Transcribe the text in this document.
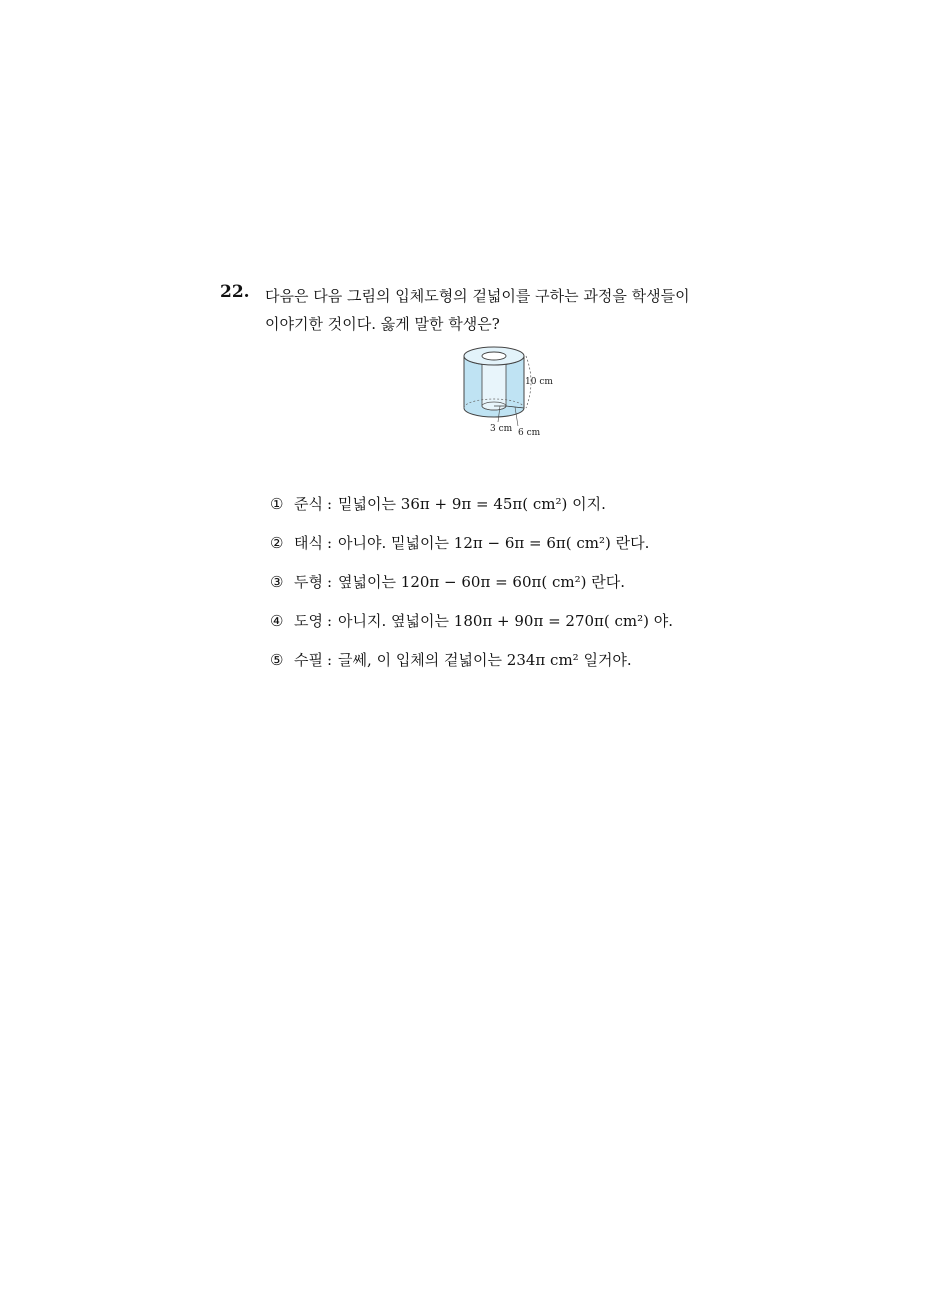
22. 다음은 다음 그림의 입체도형의 겉넓이를 구하는 과정을 학생들이
이야기한 것이다. 옳게 말한 학생은?
10 cm
3 cm 6 cm
① 준식 : 밑넓이는 36π + 9π = 45π( cm²) 이지.
② 태식 : 아니야. 밑넓이는 12π − 6π = 6π( cm²) 란다.
③ 두형 : 옆넓이는 120π − 60π = 60π( cm²) 란다.
④ 도영 : 아니지. 옆넓이는 180π + 90π = 270π( cm²) 야.
⑤ 수필 : 글쎄, 이 입체의 겉넓이는 234π cm² 일거야.
